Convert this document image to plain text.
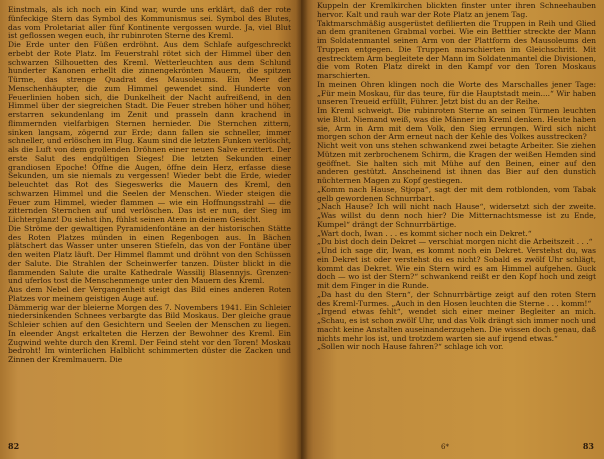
Einstmals, als ich noch ein Kind war, wurde uns erklärt, daß der rote fünfeckige Stern das Symbol des Kommunismus sei. Symbol des Blutes, das vom Proletariat aller fünf Kontinente vergossen wurde. Ja, viel Blut ist geflossen wegen euch, ihr rubinroten Sterne des Kreml.

Die Erde unter den Füßen erdröhnt. Aus dem Schlafe aufgeschreckt erbebt der Rote Platz. Im Feuerstrahl rötet sich der Himmel über den schwarzen Silhouetten des Kreml. Wetterleuchten aus dem Schlund hunderter Kanonen erhellt die zinnengekrönten Mauern, die spitzen Türme, das strenge Quadrat des Mausoleums. Ein Meer der Menschenhäupter, die zum Himmel gewendet sind. Hunderte von Feuerlinien hoben sich, die Dunkelheit der Nacht aufreißend, in den Himmel über der siegreichen Stadt. Die Feuer streben höher und höher, erstarren sekundenlang im Zenit und prasseln dann krachend in flimmernden vielfarbigen Sternen hernieder. Die Sternchen zittern, sinken langsam, zögernd zur Erde; dann fallen sie schneller, immer schneller, und erlöschen im Flug. Kaum sind die letzten Funken verlöscht, als die Luft von dem grollenden Dröhnen einer neuen Salve erzittert. Der erste Salut des endgültigen Sieges! Die letzten Sekunden einer grandiosen Epoche! Öffne die Augen, öffne dein Herz, erfasse diese Sekunden, um sie niemals zu vergessen! Wieder bebt die Erde, wieder beleuchtet das Rot des Siegeswerks die Mauern des Kreml, den schwarzen Himmel und die Seelen der Menschen. Wieder steigen die Feuer zum Himmel, wieder flammen — wie ein Hoffnungsstrahl — die zitternden Sternchen auf und verlöschen. Das ist er nun, der Sieg im Lichterglanz! Du siehst ihn, fühlst seinen Atem in deinem Gesicht.

Die Ströme der gewaltigen Pyramidenfontäne an der historischen Stätte des Roten Platzes münden in einen Regenbogen aus. In Bächen plätschert das Wasser unter unseren Stiefeln, das von der Fontäne über den weiten Platz läuft. Der Himmel flammt und dröhnt von den Schüssen der Salute. Die Strahlen der Scheinwerfer tanzen. Düster blickt in die flammenden Salute die uralte Kathedrale Wassilij Blasennyjs. Grenzen- und uferlos tost die Menschenmenge unter den Mauern des Kreml.

Aus dem Nebel der Vergangenheit steigt das Bild eines anderen Roten Platzes vor meinem geistigen Auge auf.

Dämmerig war der bleierne Morgen des 7. Novembers 1941. Ein Schleier niedersinkenden Schnees verbargte das Bild Moskaus. Der gleiche graue Schleier schien auf den Gesichtern und Seelen der Menschen zu liegen. In eleender Angst erkalteten die Herzen der Bewohner des Kreml. Ein Zugwind wehte durch den Kreml. Der Feind steht vor den Toren! Moskau bedroht! Im winterlichen Halblicht schimmerten düster die Zacken und Zinnen der Kremlmauern. Die

82

Kuppeln der Kremlkirchen blickten finster unter ihren Schneehauben hervor. Kalt und rauh war der Rote Platz an jenem Tag.

Taktmarschmäßig ausgerüstet defilierten die Truppen in Reih und Glied an dem granitenen Grabmal vorbei. Wie ein Betttier streckte der Mann im Soldatenmantel seinen Arm von der Plattform des Mausoleums den Truppen entgegen. Die Truppen marschierten im Gleichschritt. Mit gestrecktem Arm begleitete der Mann im Soldatenmantel die Divisionen, die vom Roten Platz direkt in den Kampf vor den Toren Moskaus marschierten.

In meinen Ohren klingen noch die Worte des Marschalles jener Tage: „Für mein Moskau, für das teure, für die Hauptstadt mein....“ Wir haben unseren Treueid erfüllt, Führer. Jetzt bist du an der Reihe.

Im Kreml schweigt. Die rubinroten Sterne an seinen Türmen leuchten wie Blut. Niemand weiß, was die Männer im Kreml denken. Heute haben sie, Arm in Arm mit dem Volk, den Sieg errungen. Wird sich nicht morgen schon der Arm erneut nach der Kehle des Volkes ausstrecken?

Nicht weit von uns stehen schwankend zwei betagte Arbeiter. Sie ziehen Mützen mit zerbrochenem Schirm, die Kragen der weißen Hemden sind geöffnet. Sie halten sich mit Mühe auf den Beinen, einer auf den anderen gestützt. Anscheinend ist ihnen das Bier auf den dunstich nüchternen Magen zu Kopf gestiegen.

„Komm nach Hause, Stjopa“, sagt der mit dem rotblonden, vom Tabak gelb gewordenen Schnurrbart.

„Nach Hause? Ich will nicht nach Hause“, widersetzt sich der zweite. „Was willst du denn noch hier? Die Mitternachtsmesse ist zu Ende, Kumpel“ drängt der Schnurrbärtige.

„Wart doch, Iwan . . . es kommt sicher noch ein Dekret.“

„Du bist doch dein Dekret — verschiat morgen nicht die Arbeitszeit . . .“

„Und ich sage dir, Iwan, es kommt noch ein Dekret. Verstehst du, was ein Dekret ist oder verstehst du es nicht? Sobald es zwölf Uhr schlägt, kommt das Dekret. Wie ein Stern wird es am Himmel aufgehen. Guck doch — wo ist der Stern?“ schwankend reißt er den Kopf hoch und zeigt mit dem Finger in die Runde.

„Da hast du den Stern“, der Schnurrbärtige zeigt auf den roten Stern des Kreml-Turmes. „Auch in den Hosen leuchten die Sterne . . . komm!“

„Irgend etwas fehlt“, wendet sich einer meiner Begleiter an mich. „Schau, es ist schon zwölf Uhr, und das Volk drängt sich immer noch und macht keine Anstalten auseinanderzugehen. Die wissen doch genau, daß nichts mehr los ist, und trotzdem warten sie auf irgend etwas.“

„Sollen wir noch Hause fahren?“ schlage ich vor.

6*	83
